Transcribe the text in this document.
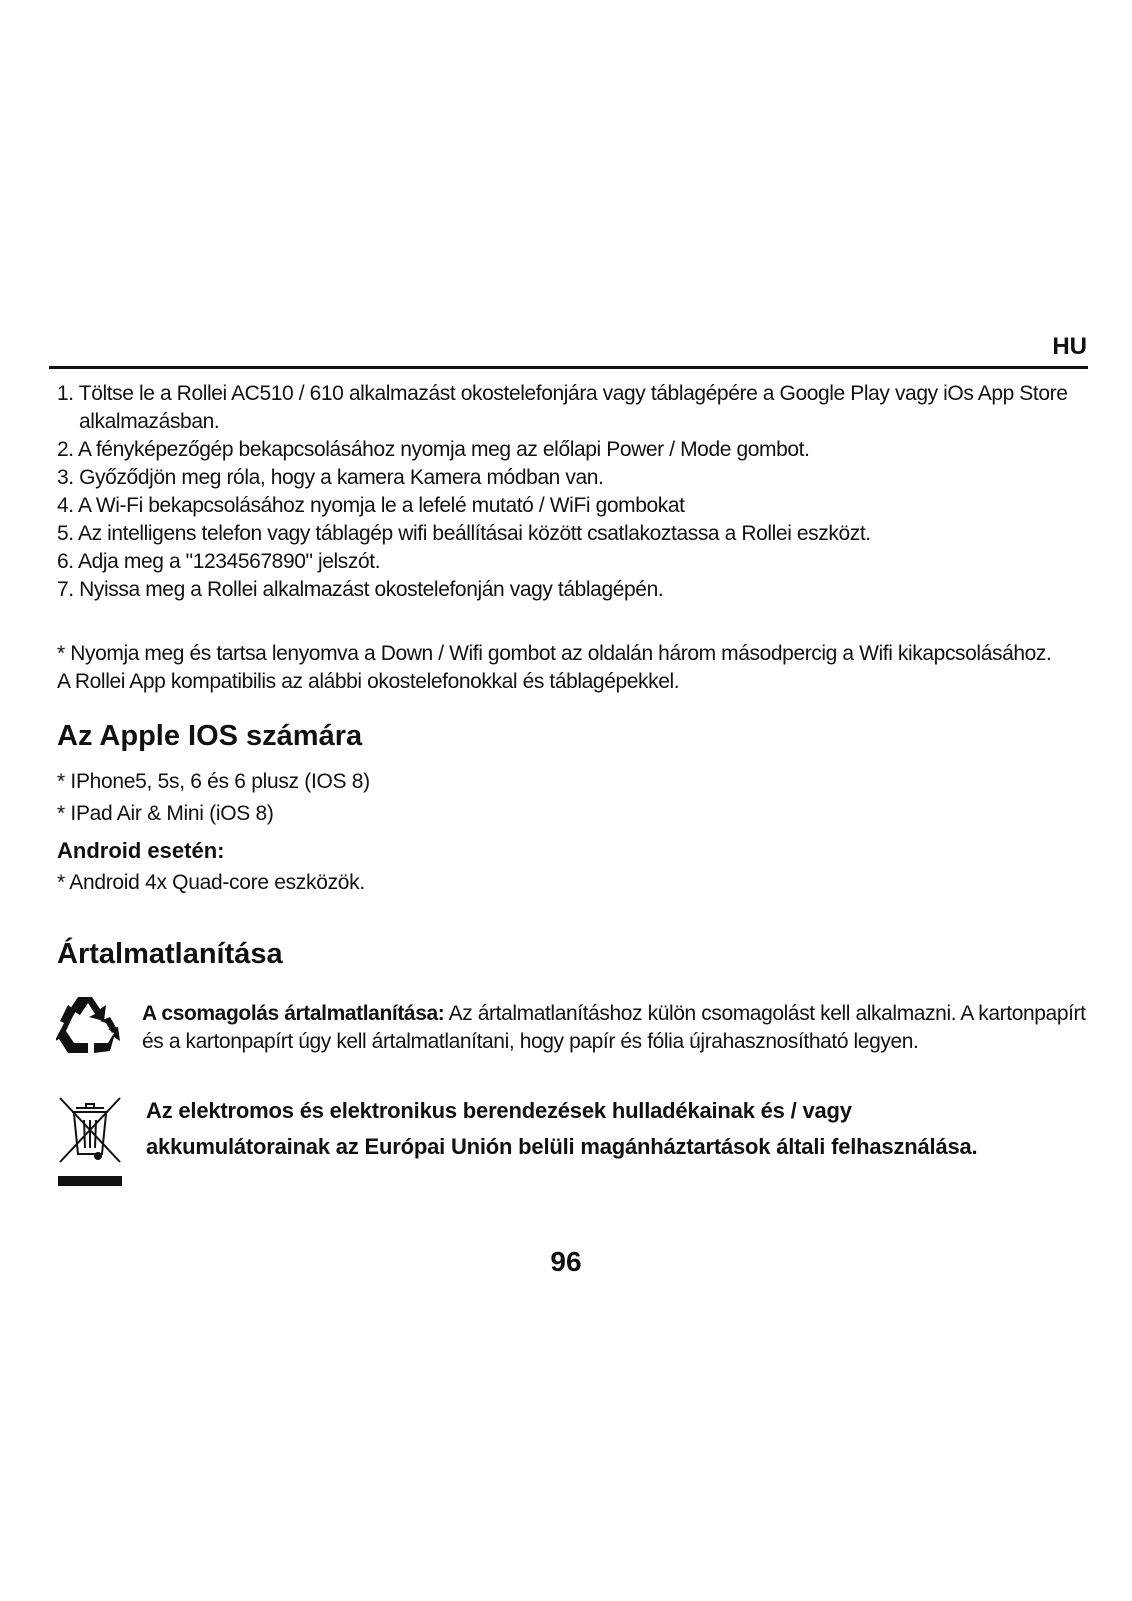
HU
1. Töltse le a Rollei AC510 / 610 alkalmazást okostelefonjára vagy táblagépére a Google Play vagy iOs App Store alkalmazásban.
2. A fényképezőgép bekapcsolásához nyomja meg az előlapi Power / Mode gombot.
3. Győződjön meg róla, hogy a kamera Kamera módban van.
4. A Wi-Fi bekapcsolásához nyomja le a lefelé mutató / WiFi gombokat
5. Az intelligens telefon vagy táblagép wifi beállításai között csatlakoztassa a Rollei eszközt.
6. Adja meg a "1234567890" jelszót.
7. Nyissa meg a Rollei alkalmazást okostelefonján vagy táblagépén.

* Nyomja meg és tartsa lenyomva a Down / Wifi gombot az oldalán három másodpercig a Wifi kikapcsolásához.

A Rollei App kompatibilis az alábbi okostelefonokkal és táblagépekkel.

Az Apple IOS számára

* IPhone5, 5s, 6 és 6 plusz (IOS 8)

* IPad Air & Mini (iOS 8)

Android esetén:

* Android 4x Quad-core eszközök.

Ártalmatlanítása
A csomagolás ártalmatlanítása: Az ártalmatlanításhoz külön csomagolást kell alkalmazni. A kartonpapírt és a kartonpapírt úgy kell ártalmatlanítani, hogy papír és fólia újrahasznosítható legyen.
Az elektromos és elektronikus berendezések hulladékainak és / vagy akkumulátorainak az Európai Unión belüli magánháztartások általi felhasználása.
96
